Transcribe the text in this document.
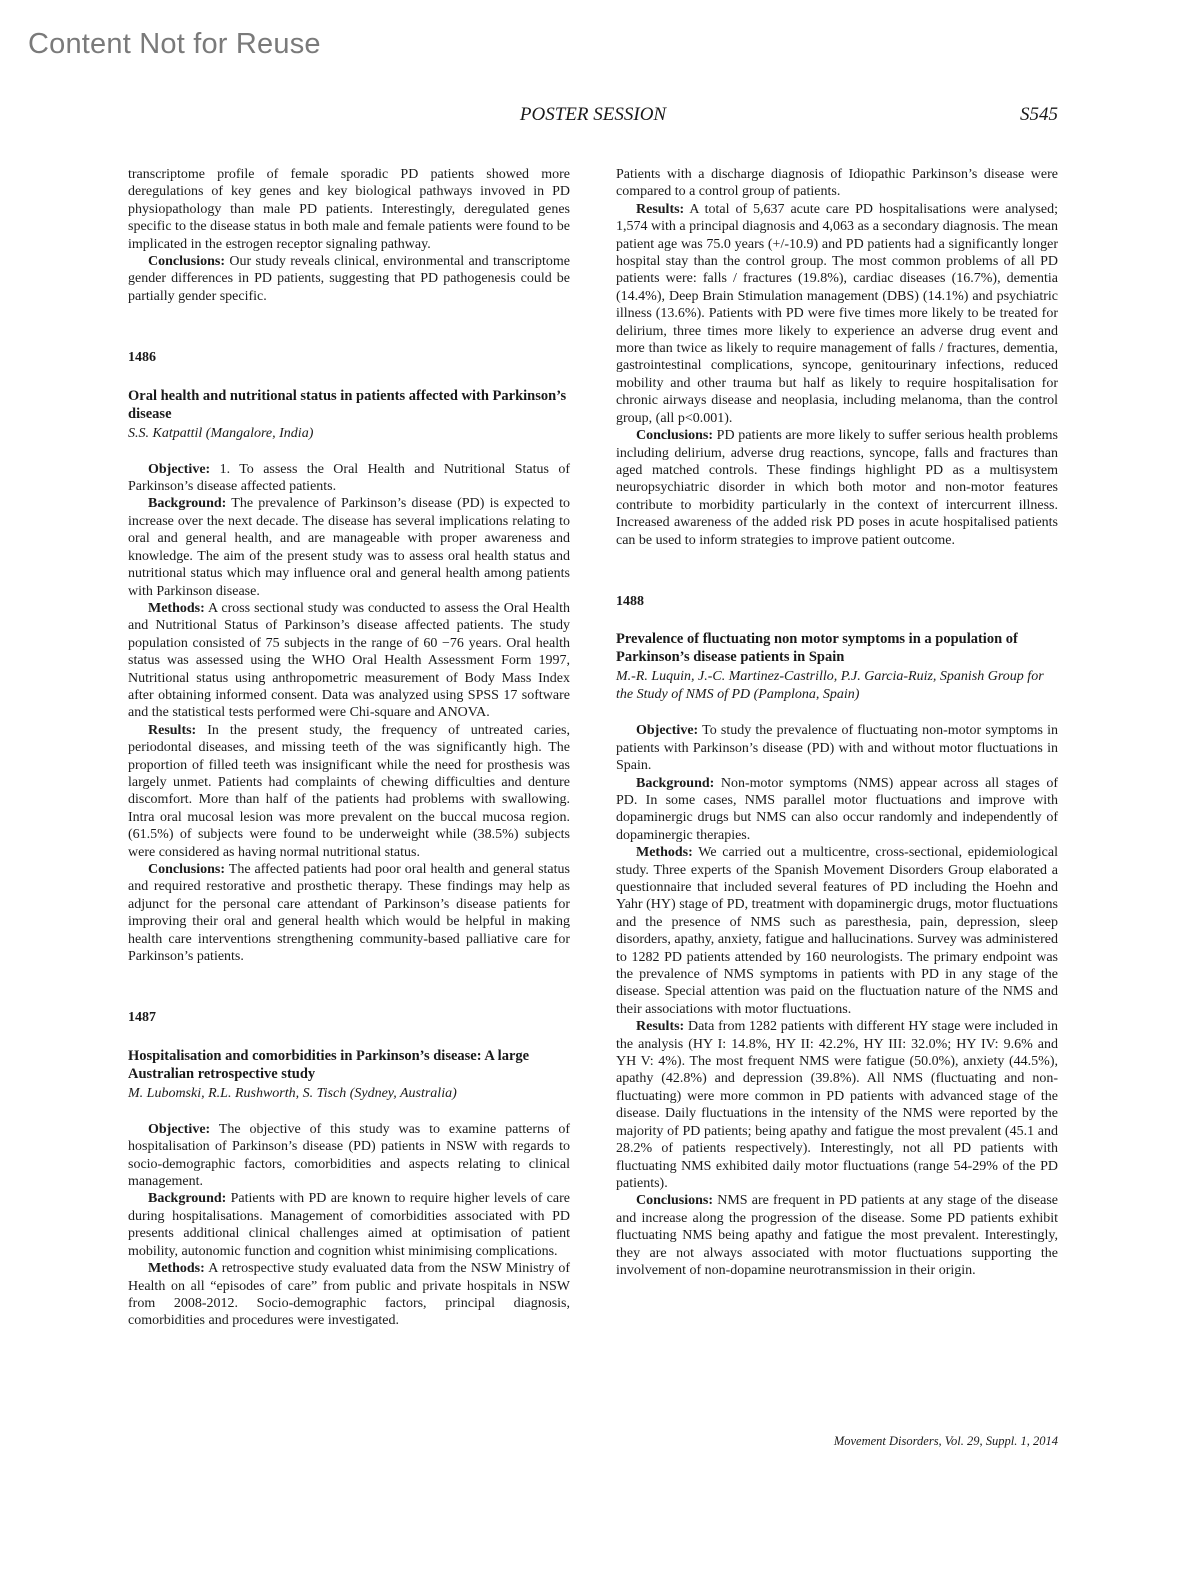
Content Not for Reuse
POSTER SESSION	S545

transcriptome profile of female sporadic PD patients showed more deregulations of key genes and key biological pathways invoved in PD physiopathology than male PD patients. Interestingly, deregulated genes specific to the disease status in both male and female patients were found to be implicated in the estrogen receptor signaling pathway.

Conclusions: Our study reveals clinical, environmental and transcriptome gender differences in PD patients, suggesting that PD pathogenesis could be partially gender specific.

1486
Oral health and nutritional status in patients affected with Parkinson’s disease
S.S. Katpattil (Mangalore, India)

Objective: 1. To assess the Oral Health and Nutritional Status of Parkinson’s disease affected patients.

Background: The prevalence of Parkinson’s disease (PD) is expected to increase over the next decade. The disease has several implications relating to oral and general health, and are manageable with proper awareness and knowledge. The aim of the present study was to assess oral health status and nutritional status which may influence oral and general health among patients with Parkinson disease.

Methods: A cross sectional study was conducted to assess the Oral Health and Nutritional Status of Parkinson’s disease affected patients. The study population consisted of 75 subjects in the range of 60 −76 years. Oral health status was assessed using the WHO Oral Health Assessment Form 1997, Nutritional status using anthropometric measurement of Body Mass Index after obtaining informed consent. Data was analyzed using SPSS 17 software and the statistical tests performed were Chi-square and ANOVA.

Results: In the present study, the frequency of untreated caries, periodontal diseases, and missing teeth of the was significantly high. The proportion of filled teeth was insignificant while the need for prosthesis was largely unmet. Patients had complaints of chewing difficulties and denture discomfort. More than half of the patients had problems with swallowing. Intra oral mucosal lesion was more prevalent on the buccal mucosa region. (61.5%) of subjects were found to be underweight while (38.5%) subjects were considered as having normal nutritional status.

Conclusions: The affected patients had poor oral health and general status and required restorative and prosthetic therapy. These findings may help as adjunct for the personal care attendant of Parkinson’s disease patients for improving their oral and general health which would be helpful in making health care interventions strengthening community-based palliative care for Parkinson’s patients.

1487
Hospitalisation and comorbidities in Parkinson’s disease: A large Australian retrospective study
M. Lubomski, R.L. Rushworth, S. Tisch (Sydney, Australia)

Objective: The objective of this study was to examine patterns of hospitalisation of Parkinson’s disease (PD) patients in NSW with regards to socio-demographic factors, comorbidities and aspects relating to clinical management.

Background: Patients with PD are known to require higher levels of care during hospitalisations. Management of comorbidities associated with PD presents additional clinical challenges aimed at optimisation of patient mobility, autonomic function and cognition whist minimising complications.

Methods: A retrospective study evaluated data from the NSW Ministry of Health on all “episodes of care” from public and private hospitals in NSW from 2008-2012. Socio-demographic factors, principal diagnosis, comorbidities and procedures were investigated.

Patients with a discharge diagnosis of Idiopathic Parkinson’s disease were compared to a control group of patients.

Results: A total of 5,637 acute care PD hospitalisations were analysed; 1,574 with a principal diagnosis and 4,063 as a secondary diagnosis. The mean patient age was 75.0 years (+/-10.9) and PD patients had a significantly longer hospital stay than the control group. The most common problems of all PD patients were: falls / fractures (19.8%), cardiac diseases (16.7%), dementia (14.4%), Deep Brain Stimulation management (DBS) (14.1%) and psychiatric illness (13.6%). Patients with PD were five times more likely to be treated for delirium, three times more likely to experience an adverse drug event and more than twice as likely to require management of falls / fractures, dementia, gastrointestinal complications, syncope, genitourinary infections, reduced mobility and other trauma but half as likely to require hospitalisation for chronic airways disease and neoplasia, including melanoma, than the control group, (all p<0.001).

Conclusions: PD patients are more likely to suffer serious health problems including delirium, adverse drug reactions, syncope, falls and fractures than aged matched controls. These findings highlight PD as a multisystem neuropsychiatric disorder in which both motor and non-motor features contribute to morbidity particularly in the context of intercurrent illness. Increased awareness of the added risk PD poses in acute hospitalised patients can be used to inform strategies to improve patient outcome.

1488
Prevalence of fluctuating non motor symptoms in a population of Parkinson’s disease patients in Spain
M.-R. Luquin, J.-C. Martinez-Castrillo, P.J. Garcia-Ruiz, Spanish Group for the Study of NMS of PD (Pamplona, Spain)

Objective: To study the prevalence of fluctuating non-motor symptoms in patients with Parkinson’s disease (PD) with and without motor fluctuations in Spain.

Background: Non-motor symptoms (NMS) appear across all stages of PD. In some cases, NMS parallel motor fluctuations and improve with dopaminergic drugs but NMS can also occur randomly and independently of dopaminergic therapies.

Methods: We carried out a multicentre, cross-sectional, epidemiological study. Three experts of the Spanish Movement Disorders Group elaborated a questionnaire that included several features of PD including the Hoehn and Yahr (HY) stage of PD, treatment with dopaminergic drugs, motor fluctuations and the presence of NMS such as paresthesia, pain, depression, sleep disorders, apathy, anxiety, fatigue and hallucinations. Survey was administered to 1282 PD patients attended by 160 neurologists. The primary endpoint was the prevalence of NMS symptoms in patients with PD in any stage of the disease. Special attention was paid on the fluctuation nature of the NMS and their associations with motor fluctuations.

Results: Data from 1282 patients with different HY stage were included in the analysis (HY I: 14.8%, HY II: 42.2%, HY III: 32.0%; HY IV: 9.6% and YH V: 4%). The most frequent NMS were fatigue (50.0%), anxiety (44.5%), apathy (42.8%) and depression (39.8%). All NMS (fluctuating and non-fluctuating) were more common in PD patients with advanced stage of the disease. Daily fluctuations in the intensity of the NMS were reported by the majority of PD patients; being apathy and fatigue the most prevalent (45.1 and 28.2% of patients respectively). Interestingly, not all PD patients with fluctuating NMS exhibited daily motor fluctuations (range 54-29% of the PD patients).

Conclusions: NMS are frequent in PD patients at any stage of the disease and increase along the progression of the disease. Some PD patients exhibit fluctuating NMS being apathy and fatigue the most prevalent. Interestingly, they are not always associated with motor fluctuations supporting the involvement of non-dopamine neurotransmission in their origin.

Movement Disorders, Vol. 29, Suppl. 1, 2014
